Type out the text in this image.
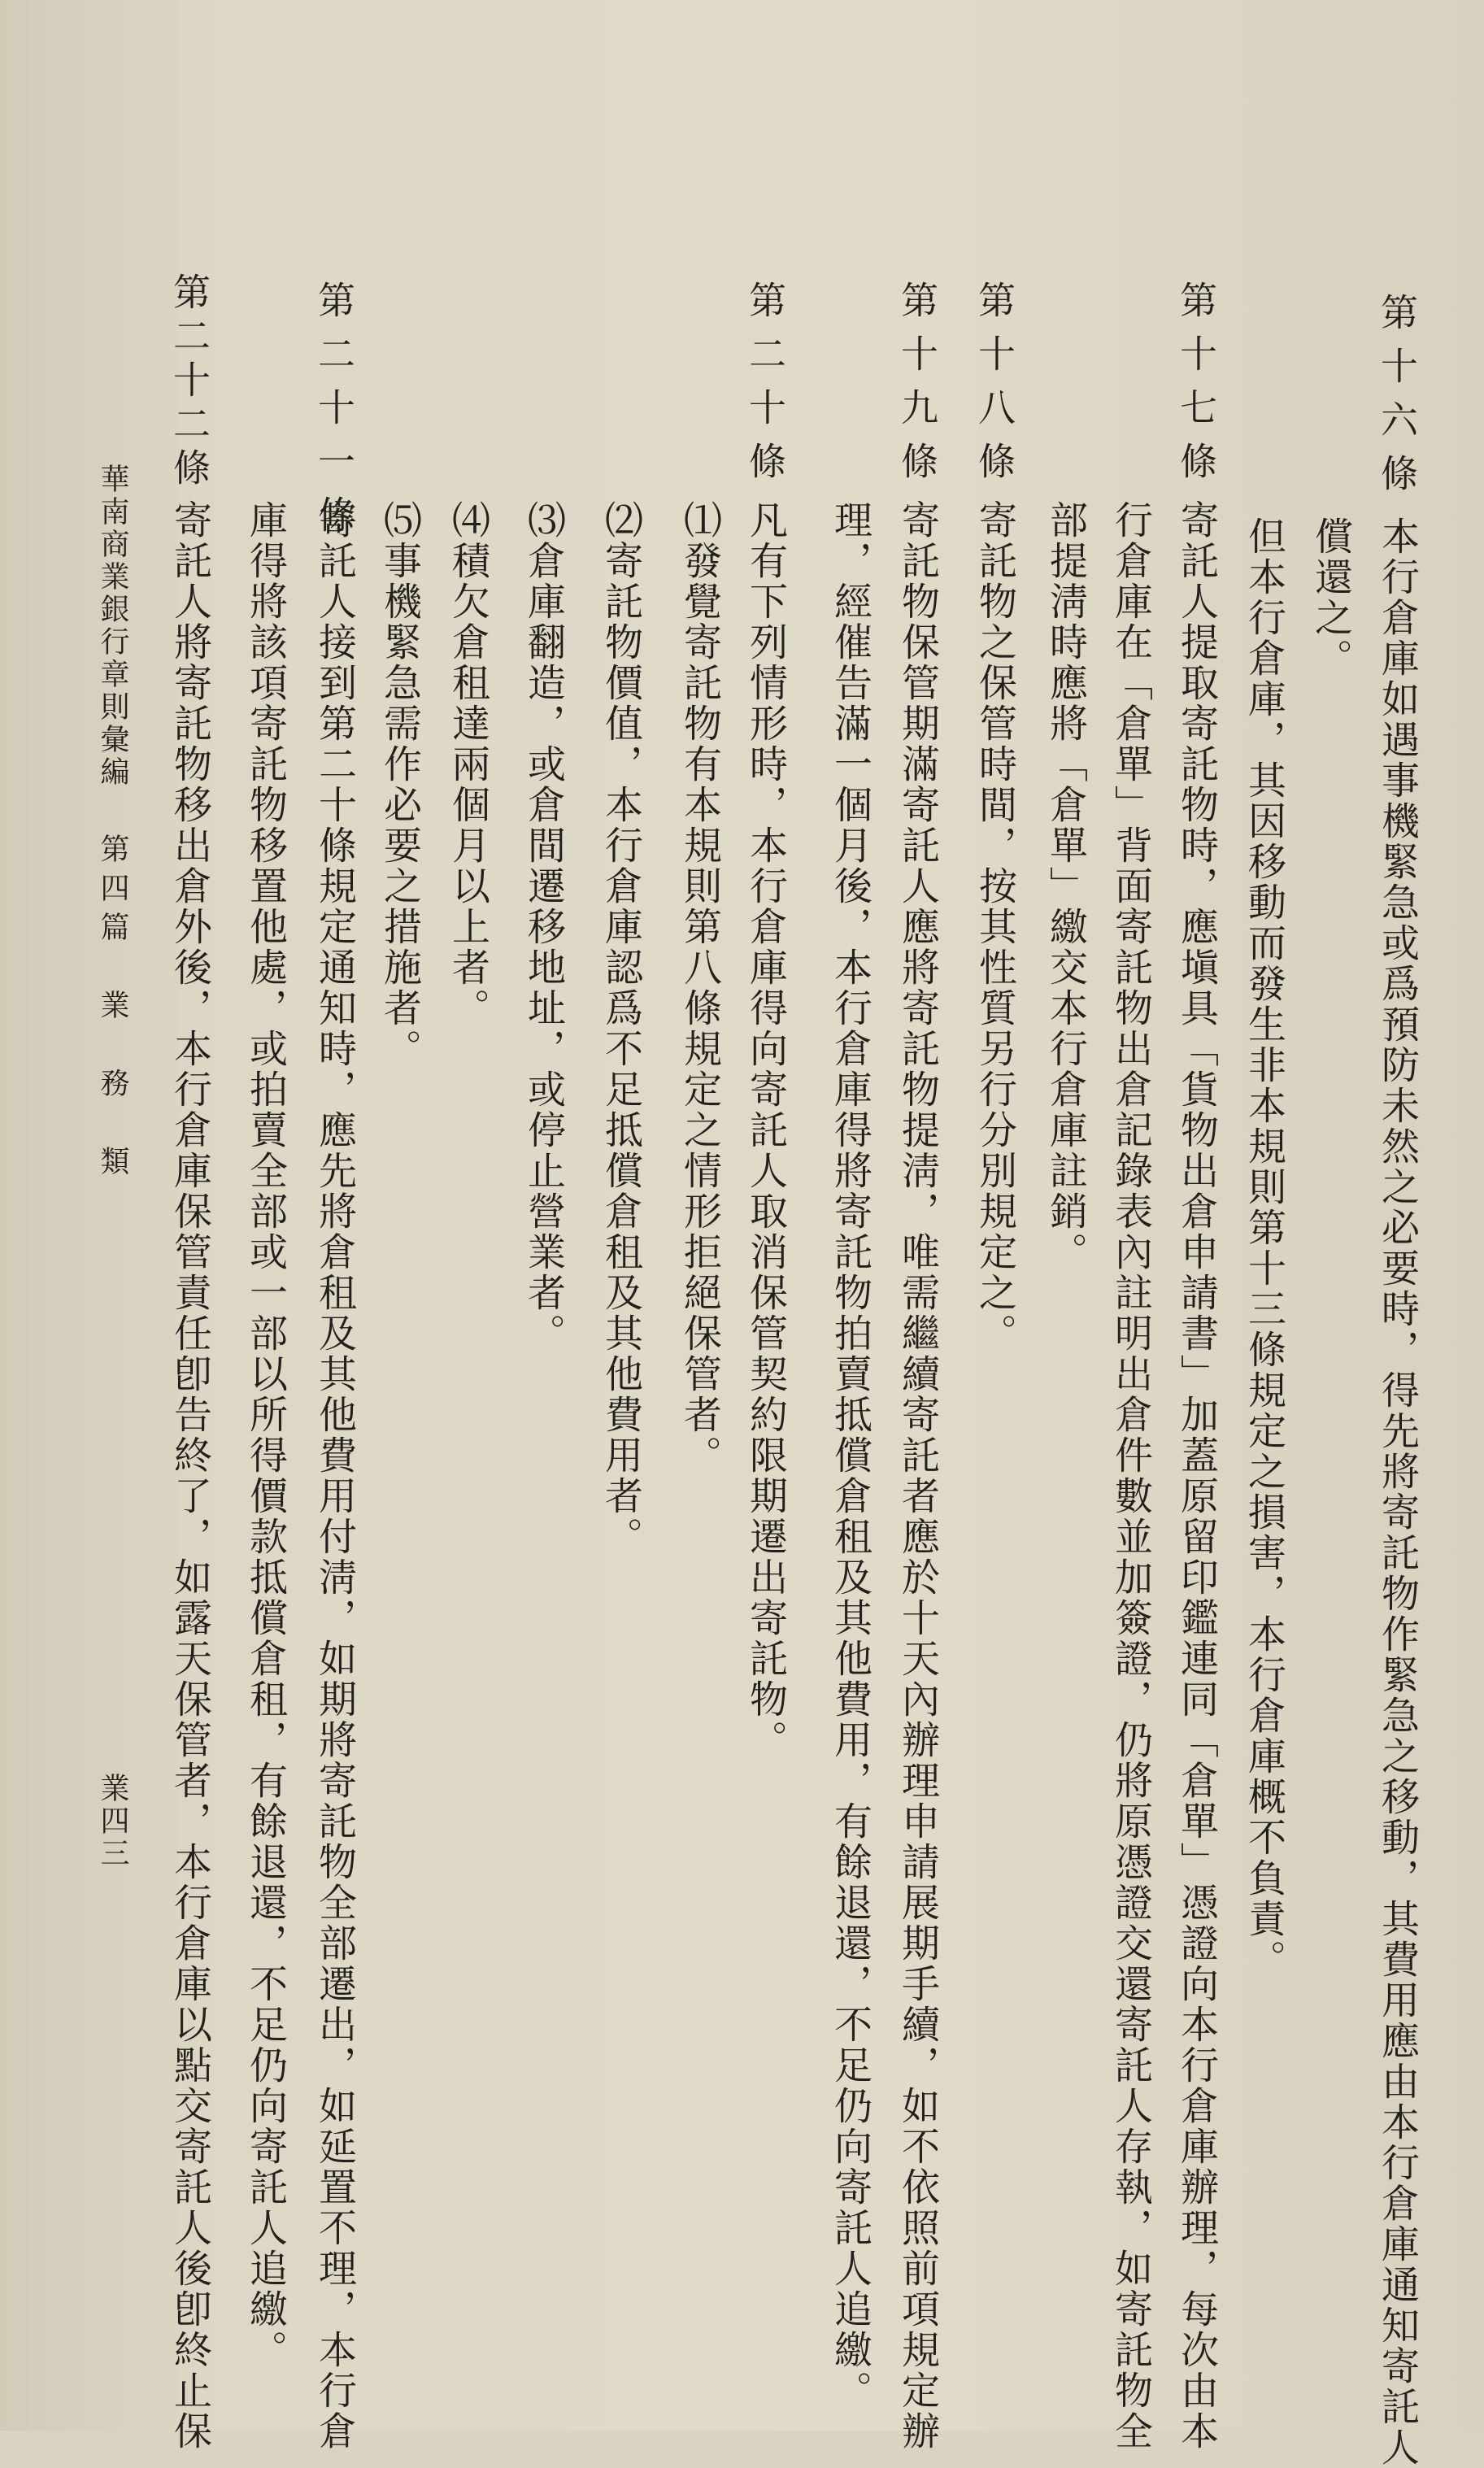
第十六條
本行倉庫如遇事機緊急或爲預防未然之必要時，得先將寄託物作緊急之移動，其費用應由本行倉庫通知寄託人
償還之。
但本行倉庫，其因移動而發生非本規則第十三條規定之損害，本行倉庫概不負責。
第十七條
寄託人提取寄託物時，應塡具「貨物出倉申請書」加蓋原留印鑑連同「倉單」憑證向本行倉庫辦理，每次由本
行倉庫在「倉單」背面寄託物出倉記錄表內註明出倉件數並加簽證，仍將原憑證交還寄託人存執，如寄託物全
部提淸時應將「倉單」繳交本行倉庫註銷。
第十八條
寄託物之保管時間，按其性質另行分別規定之。
第十九條
寄託物保管期滿寄託人應將寄託物提淸，唯需繼續寄託者應於十天內辦理申請展期手續，如不依照前項規定辦
理，經催告滿一個月後，本行倉庫得將寄託物拍賣抵償倉租及其他費用，有餘退還，不足仍向寄託人追繳。
第二十條
凡有下列情形時，本行倉庫得向寄託人取消保管契約限期遷出寄託物。
⑴發覺寄託物有本規則第八條規定之情形拒絕保管者。
⑵寄託物價值，本行倉庫認爲不足抵償倉租及其他費用者。
⑶倉庫翻造，或倉間遷移地址，或停止營業者。
⑷積欠倉租達兩個月以上者。
⑸事機緊急需作必要之措施者。
第二十一條
寄託人接到第二十條規定通知時，應先將倉租及其他費用付淸，如期將寄託物全部遷出，如延置不理，本行倉
庫得將該項寄託物移置他處，或拍賣全部或一部以所得價款抵償倉租，有餘退還，不足仍向寄託人追繳。
第二十二條
寄託人將寄託物移出倉外後，本行倉庫保管責任卽告終了，如露天保管者，本行倉庫以點交寄託人後卽終止保
華南商業銀行章則彙編
第四篇　業　務　類
業四三
